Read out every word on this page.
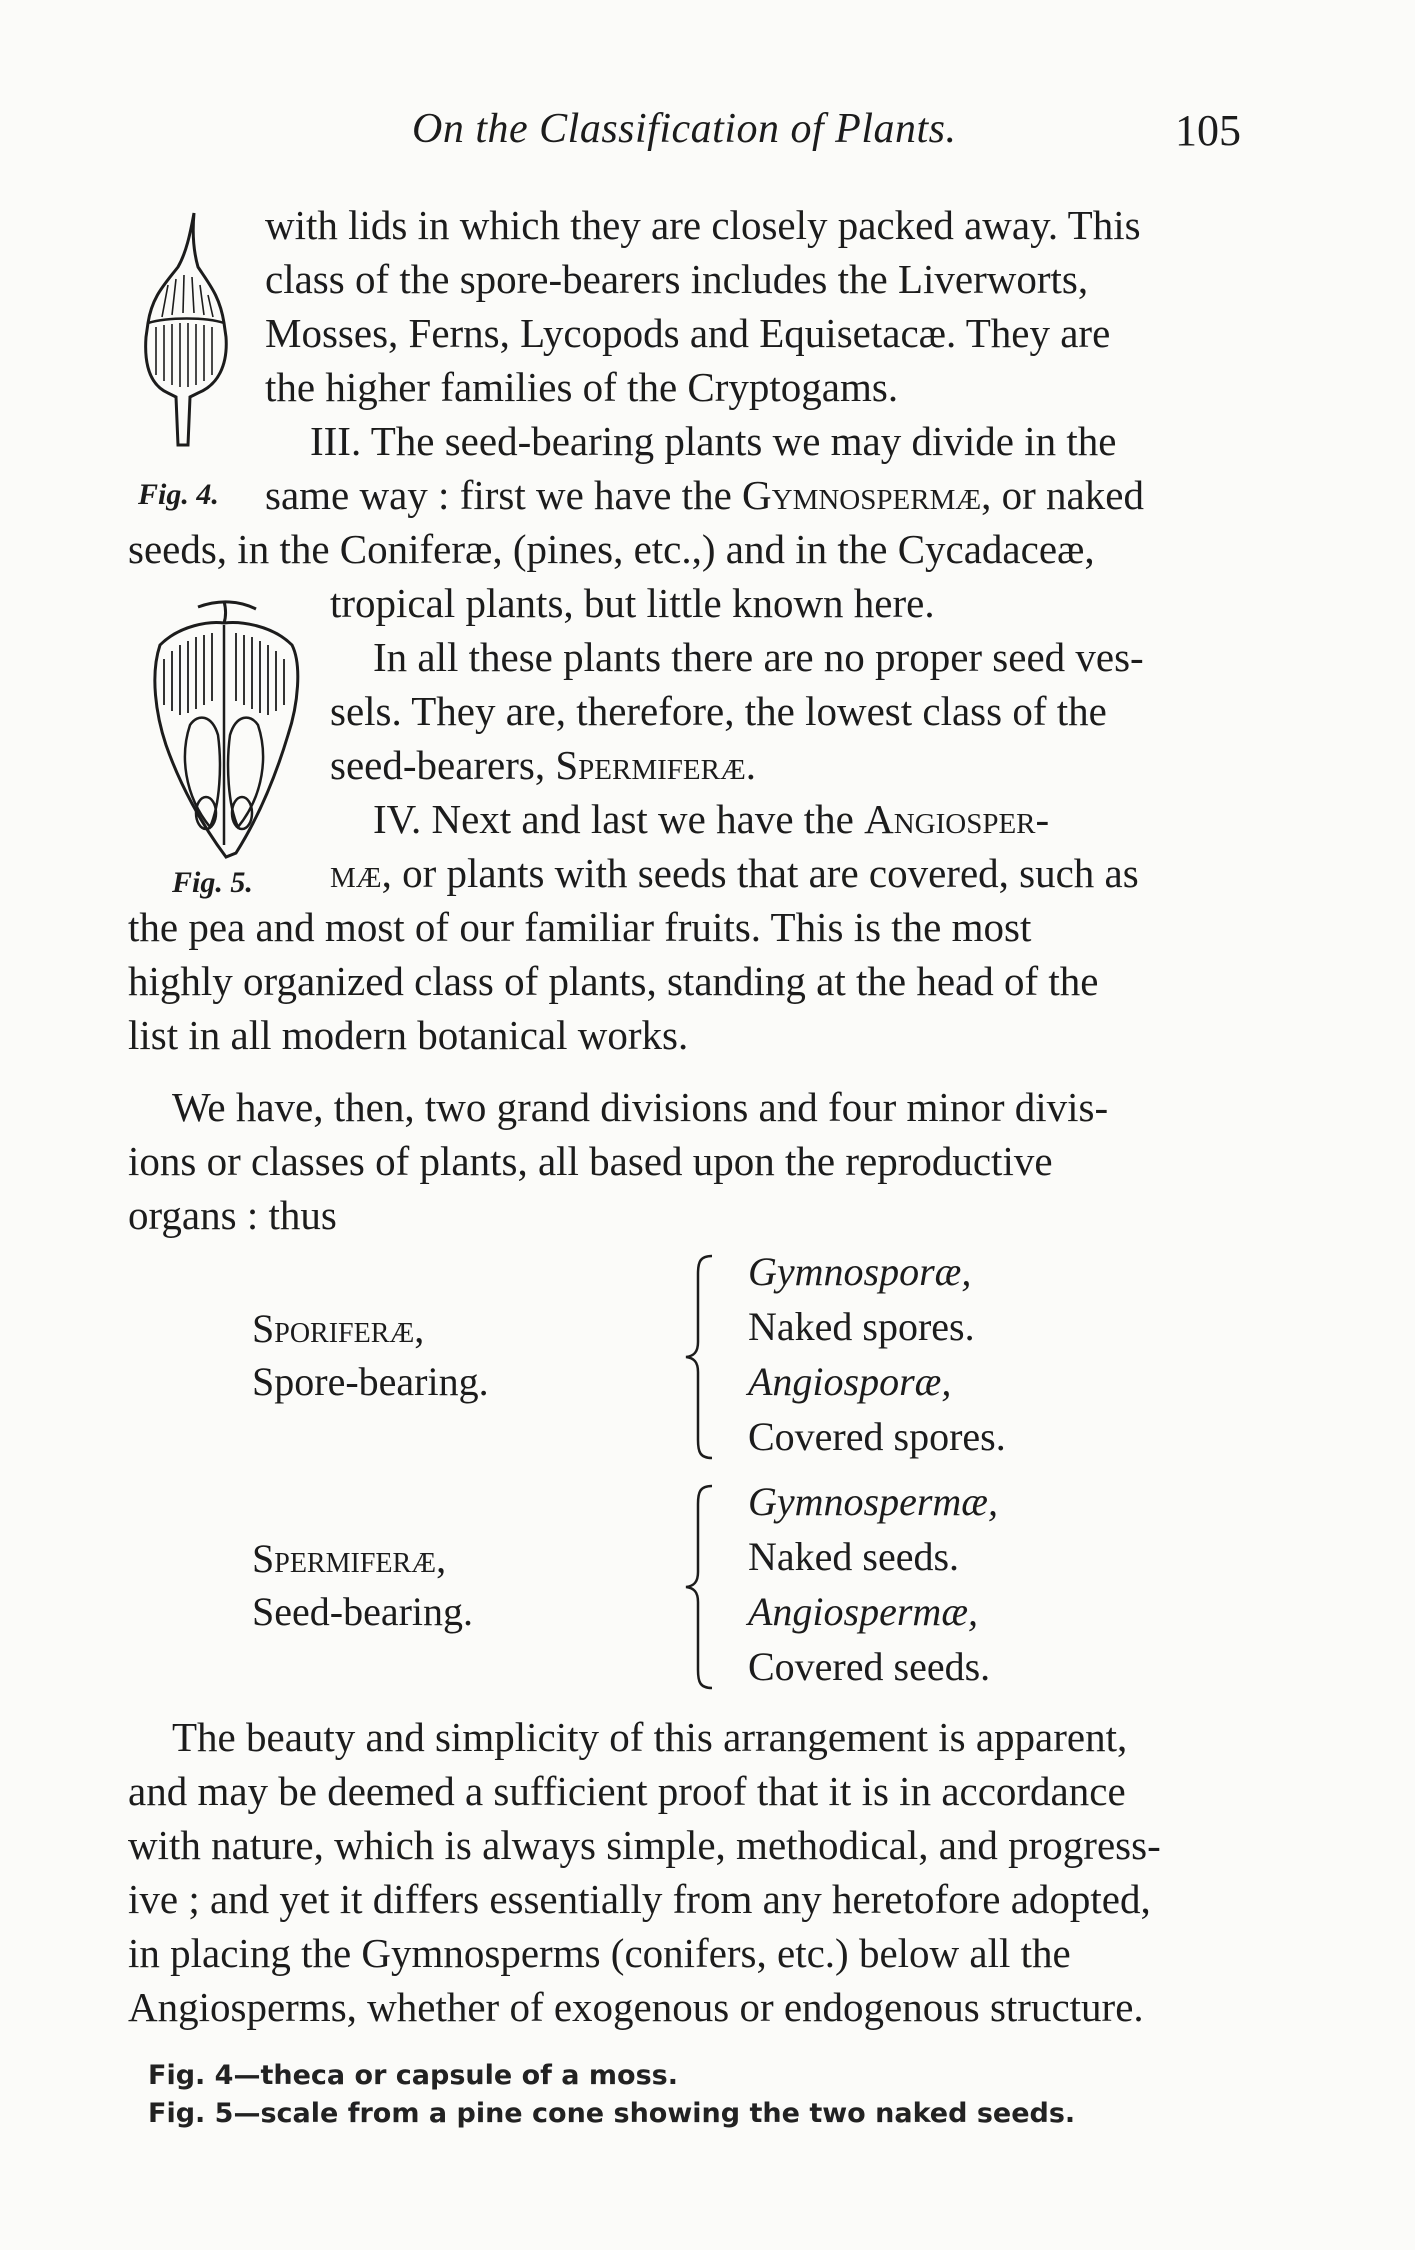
On the Classification of Plants.	105
Fig. 4.
Fig. 5.
with lids in which they are closely packed away. This
class of the spore-bearers includes the Liverworts,
Mosses, Ferns, Lycopods and Equisetacæ. They are
the higher families of the Cryptogams.
III. The seed-bearing plants we may divide in the
same way : first we have the Gymnospermæ, or naked
seeds, in the Coniferæ, (pines, etc.,) and in the Cycadaceæ,
tropical plants, but little known here.
In all these plants there are no proper seed ves-
sels. They are, therefore, the lowest class of the
seed-bearers, Spermiferæ.
IV. Next and last we have the Angiosper-
mæ, or plants with seeds that are covered, such as
the pea and most of our familiar fruits. This is the most
highly organized class of plants, standing at the head of the
list in all modern botanical works.
We have, then, two grand divisions and four minor divis-
ions or classes of plants, all based upon the reproductive
organs : thus
Sporiferæ,
Spore-bearing.
Gymnosporæ,
Naked spores.
Angiosporæ,
Covered spores.
Spermiferæ,
Seed-bearing.
Gymnospermæ,
Naked seeds.
Angiospermæ,
Covered seeds.
The beauty and simplicity of this arrangement is apparent,
and may be deemed a sufficient proof that it is in accordance
with nature, which is always simple, methodical, and progress-
ive ; and yet it differs essentially from any heretofore adopted,
in placing the Gymnosperms (conifers, etc.) below all the
Angiosperms, whether of exogenous or endogenous structure.
Fig. 4—theca or capsule of a moss.
Fig. 5—scale from a pine cone showing the two naked seeds.
